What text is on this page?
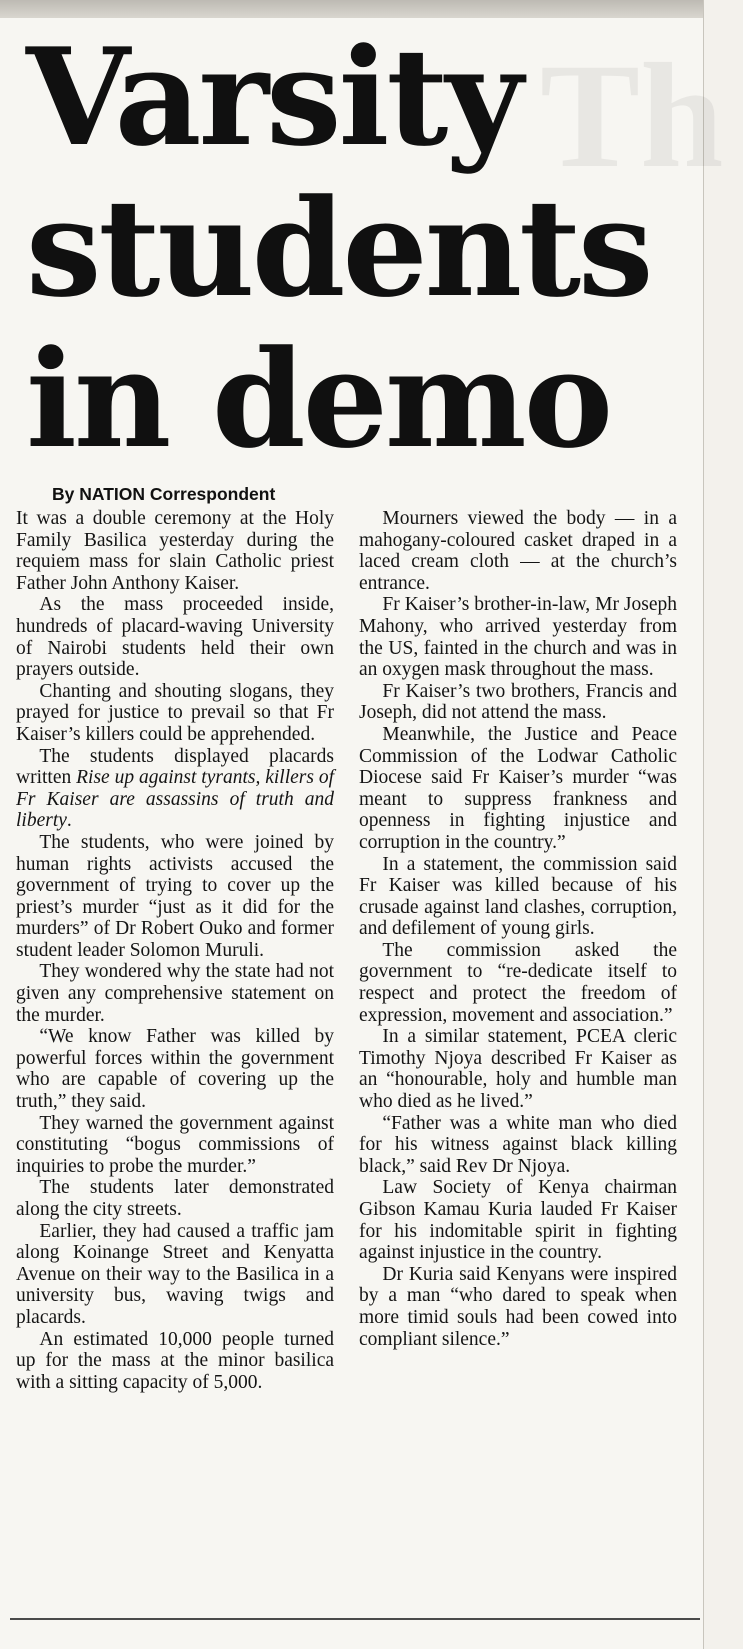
Th

Varsity
students
in demo
By NATION Correspondent

It was a double ceremony at the Holy Family Basilica yesterday during the requiem mass for slain Catholic priest Father John Anthony Kaiser.

As the mass proceeded inside, hundreds of placard-waving University of Nairobi students held their own prayers outside.

Chanting and shouting slogans, they prayed for justice to prevail so that Fr Kaiser’s killers could be apprehended.

The students displayed placards written Rise up against tyrants, killers of Fr Kaiser are assassins of truth and liberty.

The students, who were joined by human rights activists accused the government of trying to cover up the priest’s murder “just as it did for the murders” of Dr Robert Ouko and former student leader Solomon Muruli.

They wondered why the state had not given any comprehensive statement on the murder.

“We know Father was killed by powerful forces within the government who are capable of covering up the truth,” they said.

They warned the government against constituting “bogus commissions of inquiries to probe the murder.”

The students later demonstrated along the city streets.

Earlier, they had caused a traffic jam along Koinange Street and Kenyatta Avenue on their way to the Basilica in a university bus, waving twigs and placards.

An estimated 10,000 people turned up for the mass at the minor basilica with a sitting capacity of 5,000.

Mourners viewed the body — in a mahogany-coloured casket draped in a laced cream cloth — at the church’s entrance.

Fr Kaiser’s brother-in-law, Mr Joseph Mahony, who arrived yesterday from the US, fainted in the church and was in an oxygen mask throughout the mass.

Fr Kaiser’s two brothers, Francis and Joseph, did not attend the mass.

Meanwhile, the Justice and Peace Commission of the Lodwar Catholic Diocese said Fr Kaiser’s murder “was meant to suppress frankness and openness in fighting injustice and corruption in the country.”

In a statement, the commission said Fr Kaiser was killed because of his crusade against land clashes, corruption, and defilement of young girls.

The commission asked the government to “re-dedicate itself to respect and protect the freedom of expression, movement and association.”

In a similar statement, PCEA cleric Timothy Njoya described Fr Kaiser as an “honourable, holy and humble man who died as he lived.”

“Father was a white man who died for his witness against black killing black,” said Rev Dr Njoya.

Law Society of Kenya chairman Gibson Kamau Kuria lauded Fr Kaiser for his indomitable spirit in fighting against injustice in the country.

Dr Kuria said Kenyans were inspired by a man “who dared to speak when more timid souls had been cowed into compliant silence.”
